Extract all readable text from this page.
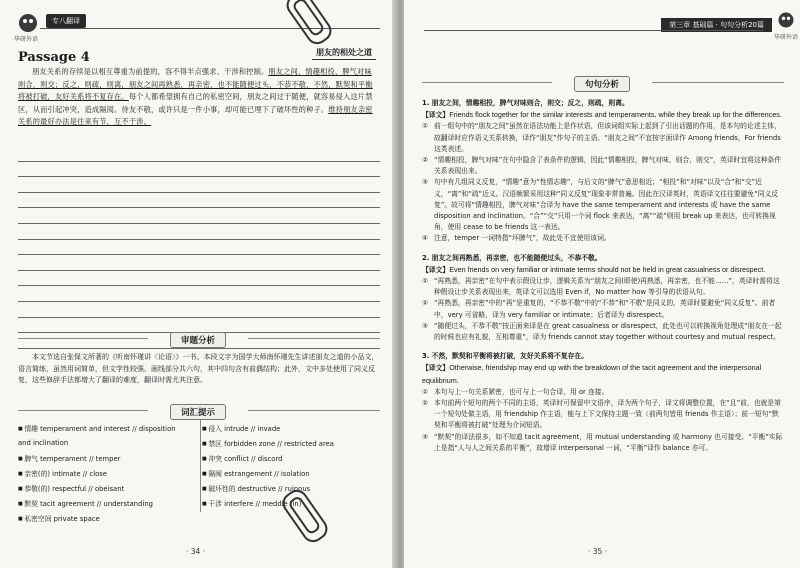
华研外语
专八翻译
Passage 4	朋友的相处之道
朋友关系的存续是以相互尊重为前提的，容不得半点强求、干涉和控制。朋友之间，情趣相投、脾气对味则合，则交；反之，则疏，则离，朋友之间再熟悉，再亲密，也不能随便过头，不恭不敬，不然，默契和平衡将被打破，友好关系将不复存在。每个人都希望拥有自己的私密空间，朋友之间过于随便，就容易侵入这片禁区，从而引起冲突，造成隔阂。待友不敬，或许只是一件小事，却可能已埋下了破坏性的种子。维持朋友亲密关系的最好办法是往来有节，互不干涉。
审题分析
本文节选自张保文所著的《听南怀瑾讲〈论语〉》一书。本段文字为国学大师南怀瑾先生讲述朋友之道的小品文，语言简练，虽然用词简单，但文学性较强。画线部分共六句，其中四句含有前偶结构；此外，文中多处使用了同义反复，这些修辞手法都增大了翻译的难度，翻译时需尤其注意。
词汇提示
■ 情趣 temperament and interest // disposition	■ 侵入 intrude // invade
and inclination	■ 禁区 forbidden zone // restricted area
■ 脾气 temperament // temper	■ 冲突 conflict // discord
■ 亲密(的) intimate // close	■ 隔阂 estrangement // isolation
■ 恭敬(的) respectful // obeisant	■ 破坏性的 destructive // ruinous
■ 默契 tacit agreement // understanding	■ 干涉 interfere // meddle (in)
■ 私密空间 private space
· 34 ·
第三章 基础篇 · 句句分析20篇
华研外语
句句分析
1. 朋友之间，情趣相投，脾气对味则合，则交；反之，则疏，则离。
【译文】Friends flock together for the similar interests and temperaments, while they break up for the differences.
① 前一组句中的“朋友之间”虽然在语法功能上是作状语，但该词组实际上起到了引出话题的作用，是本句的论述主体，故翻译时应作语义关系转换，译作“朋友”作句子的主语。“朋友之间”不宜按字面译作 Among friends，For friends 这类表述。
② “情趣相投，脾气对味”在句中隐含了表条件的逻辑，因此“情趣相投，脾气对味，则合，则交”，英译时宜将这种条件关系表现出来。
③ 句中有几组同义反复，“情趣”意为“性情志趣”，与后文的“脾气”意思相近；“相投”和“对味”以及“合”和“交”近义，“离”和“疏”近义。汉语频繁采用这种“同义反复”现象非常普遍。因此在汉译英时，英语译文往往要避免“同义反复”。故可将“情趣相投，脾气对味”合译为 have the same temperament and interests 或 have the same disposition and inclination。“合”“交”只用一个词 flock 来表达，“离”“疏”则用 break up 来表达，也可转换视角，使用 cease to be friends 这一表达。
④ 注意，temper 一词特指“坏脾气”，故此处不宜使用该词。
2. 朋友之间再熟悉，再亲密，也不能随便过头，不恭不敬。
【译文】Even friends on very familiar or intimate terms should not be held in great casualness or disrespect.
① “再熟悉，再亲密”在句中表示假设让步，逻辑关系为“朋友之间(即使)再熟悉，再亲密，也不能……”，英译时需将这种假设让步关系表现出来，英译文可以选用 Even if，No matter how 等引导的状语从句。
② “再熟悉，再亲密”中的“再”是重复的，“不恭不敬”中的“不恭”和“不敬”是同义的，英译时要避免“同义反复”。前者中，very 可省略，译为 very familiar or intimate；后者译为 disrespect。
③ “随便过头，不恭不敬”按正面来译是在 great casualness or disrespect，此处也可以转换视角处理成“朋友在一起的时候也应有礼貌，互相尊重”，译为 friends cannot stay together without courtesy and mutual respect。
3. 不然，默契和平衡将被打破，友好关系将不复存在。
【译文】Otherwise, friendship may end up with the breakdown of the tacit agreement and the interpersonal equilibrium.
① 本句与上一句关系紧密，也可与上一句合译，用 or 连接。
② 本句前两个短句的两个不同的主语，英译时可保留中文语序，译为两个句子，译文将调整位置，在“且”前，也就是第一个短句处做主语，用 friendship 作主语，能与上下文保持主题一致（前两句皆用 friends 作主语）；前一短句“默契和平衡将被打破”处理为介词短语。
③ “默契”的译法很多，如不知道 tacit agreement，用 mutual understanding 或 harmony 也可接受。“平衡”实际上是指“人与人之间关系的平衡”，故增译 interpersonal 一词，“平衡”译作 balance 亦可。
· 35 ·
